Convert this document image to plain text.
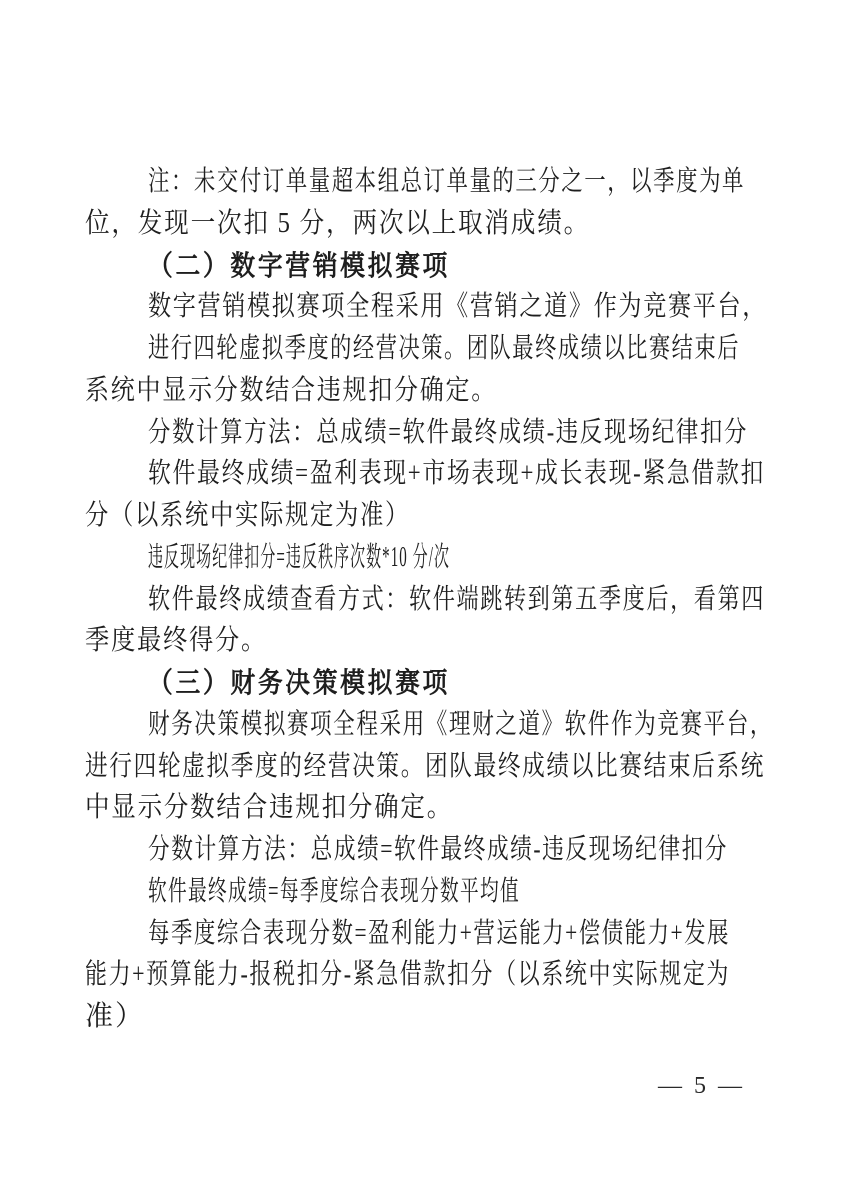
注：未交付订单量超本组总订单量的三分之一，以季度为单
位，发现一次扣 5 分，两次以上取消成绩。
（二）数字营销模拟赛项
数字营销模拟赛项全程采用《营销之道》作为竞赛平台，
进行四轮虚拟季度的经营决策。团队最终成绩以比赛结束后
系统中显示分数结合违规扣分确定。
分数计算方法：总成绩=软件最终成绩-违反现场纪律扣分
软件最终成绩=盈利表现+市场表现+成长表现-紧急借款扣
分（以系统中实际规定为准）
违反现场纪律扣分=违反秩序次数*10 分/次
软件最终成绩查看方式：软件端跳转到第五季度后，看第四
季度最终得分。
（三）财务决策模拟赛项
财务决策模拟赛项全程采用《理财之道》软件作为竞赛平台，
进行四轮虚拟季度的经营决策。团队最终成绩以比赛结束后系统
中显示分数结合违规扣分确定。
分数计算方法：总成绩=软件最终成绩-违反现场纪律扣分
软件最终成绩=每季度综合表现分数平均值
每季度综合表现分数=盈利能力+营运能力+偿债能力+发展
能力+预算能力-报税扣分-紧急借款扣分（以系统中实际规定为
准）
— 5 —
